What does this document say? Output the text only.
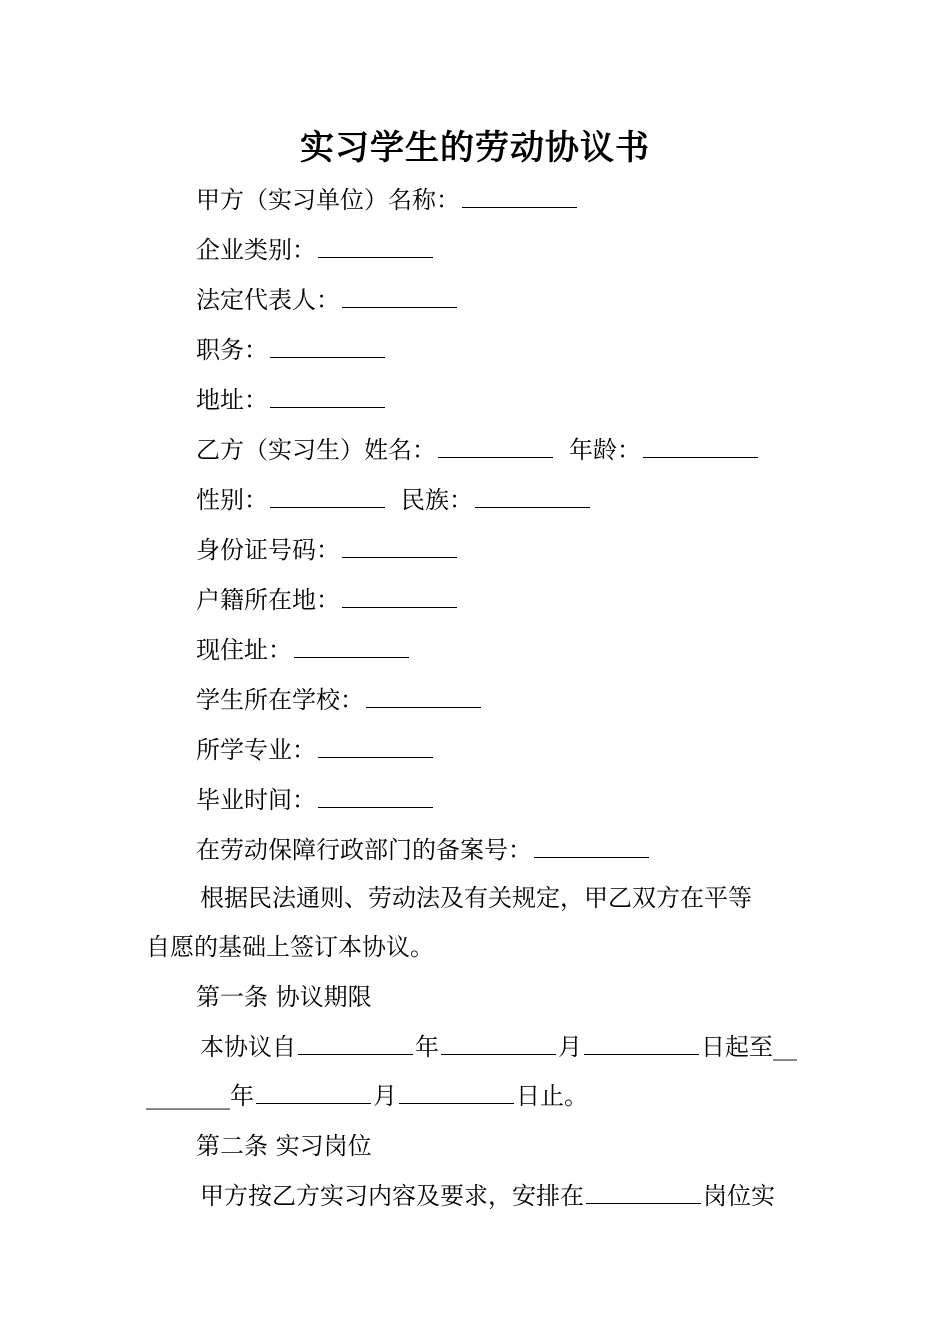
实习学生的劳动协议书
甲方（实习单位）名称：
企业类别：
法定代表人：
职务：
地址：
乙方（实习生）姓名：	年龄：
性别：	民族：
身份证号码：
户籍所在地：
现住址：
学生所在学校：
所学专业：
毕业时间：
在劳动保障行政部门的备案号：
根据民法通则、劳动法及有关规定，甲乙双方在平等
自愿的基础上签订本协议。
第一条 协议期限
本协议自	年	月	日起至__
_______年	月	日止。
第二条 实习岗位
甲方按乙方实习内容及要求，安排在	岗位实
